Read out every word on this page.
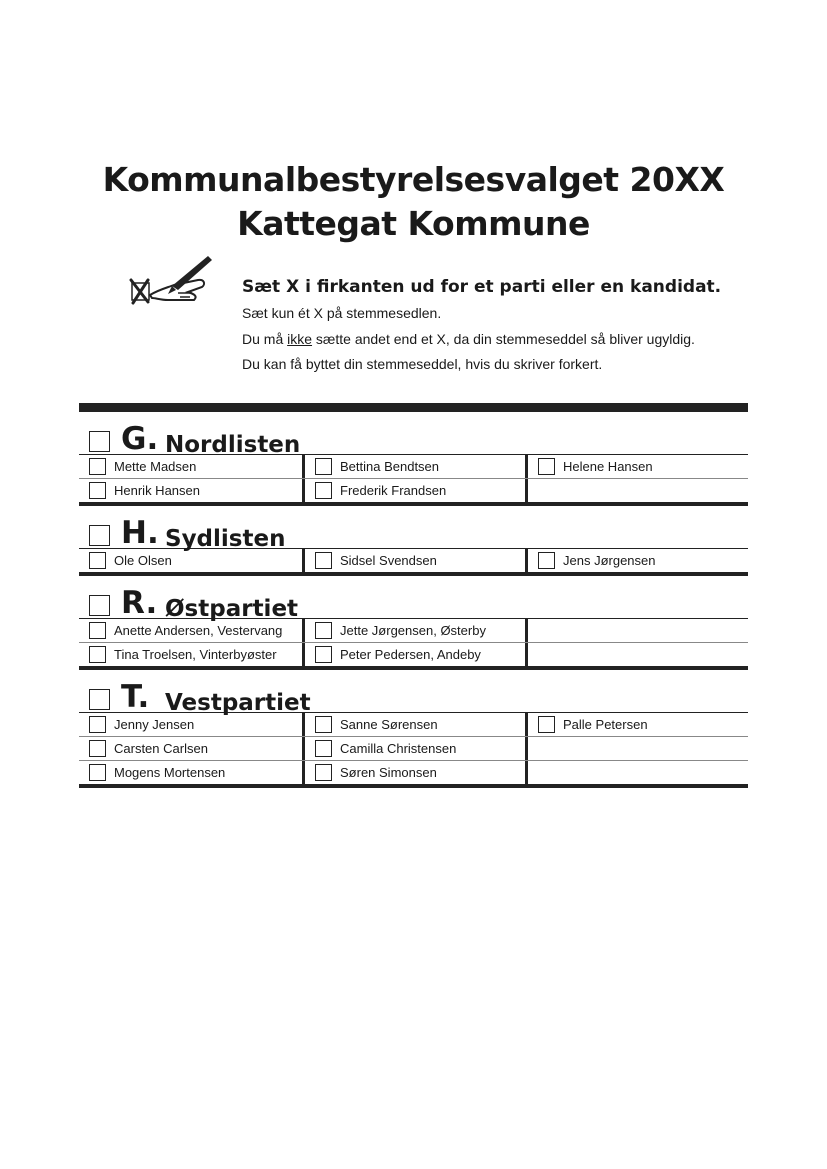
Kommunalbestyrelsesvalget 20XX
Kattegat Kommune

Sæt X i firkanten ud for et parti eller en kandidat.

Sæt kun ét X på stemmesedlen.

Du må ikke sætte andet end et X, da din stemmeseddel så bliver ugyldig.

Du kan få byttet din stemmeseddel, hvis du skriver forkert.

G. Nordlisten
Mette Madsen	Bettina Bendtsen	Helene Hansen
Henrik Hansen	Frederik Frandsen
H. Sydlisten
Ole Olsen	Sidsel Svendsen	Jens Jørgensen
R. Østpartiet
Anette Andersen, Vestervang	Jette Jørgensen, Østerby
Tina Troelsen, Vinterbyøster	Peter Pedersen, Andeby
T. Vestpartiet
Jenny Jensen	Sanne Sørensen	Palle Petersen
Carsten Carlsen	Camilla Christensen
Mogens Mortensen	Søren Simonsen
